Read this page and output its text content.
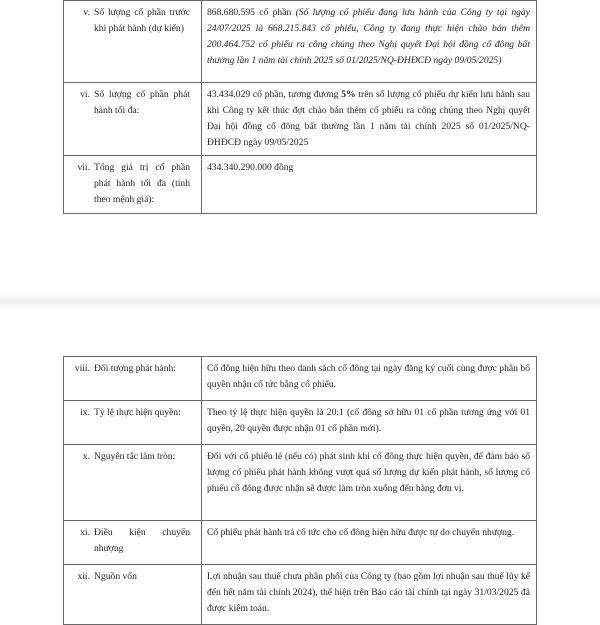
v. Số lượng cổ phần trước khi phát hành (dự kiến)	868.680.595 cổ phần (Số lượng cổ phiếu đang lưu hành của Công ty tại ngày 24/07/2025 là 668.215.843 cổ phiếu, Công ty đang thực hiện chào bán thêm 200.464.752 cổ phiếu ra công chúng theo Nghị quyết Đại hội đồng cổ đông bất thường lần 1 năm tài chính 2025 số 01/2025/NQ-ĐHĐCĐ ngày 09/05/2025)
vi. Số lượng cổ phần phát hành tối đa:	43.434.029 cổ phần, tương đương 5% trên số lượng cổ phiếu dự kiến lưu hành sau khi Công ty kết thúc đợt chào bán thêm cổ phiếu ra công chúng theo Nghị quyết Đại hội đồng cổ đông bất thường lần 1 năm tài chính 2025 số 01/2025/NQ-ĐHĐCĐ ngày 09/05/2025
vii. Tổng giá trị cổ phần phát hành tối đa (tính theo mệnh giá):	434.340.290.000 đồng
viii. Đối tượng phát hành:	Cổ đông hiện hữu theo danh sách cổ đông tại ngày đăng ký cuối cùng được phân bổ quyền nhận cổ tức bằng cổ phiếu.
ix. Tỷ lệ thực hiện quyền:	Theo tỷ lệ thực hiện quyền là 20:1 (cổ đông sở hữu 01 cổ phần tương ứng với 01 quyền, 20 quyền được nhận 01 cổ phần mới).
x. Nguyên tắc làm tròn:	Đối với cổ phiếu lẻ (nếu có) phát sinh khi cổ đông thực hiện quyền, để đảm bảo số lượng cổ phiếu phát hành không vượt quá số lượng dự kiến phát hành, số lượng cổ phiếu cổ đông được nhận sẽ được làm tròn xuống đến hàng đơn vị.
xi. Điều kiện chuyển nhượng	Cổ phiếu phát hành trả cổ tức cho cổ đông hiện hữu được tự do chuyển nhượng.
xii. Nguồn vốn	Lợi nhuận sau thuế chưa phân phối của Công ty (bao gồm lợi nhuận sau thuế lũy kế đến hết năm tài chính 2024), thể hiện trên Báo cáo tài chính tại ngày 31/03/2025 đã được kiểm toán.
